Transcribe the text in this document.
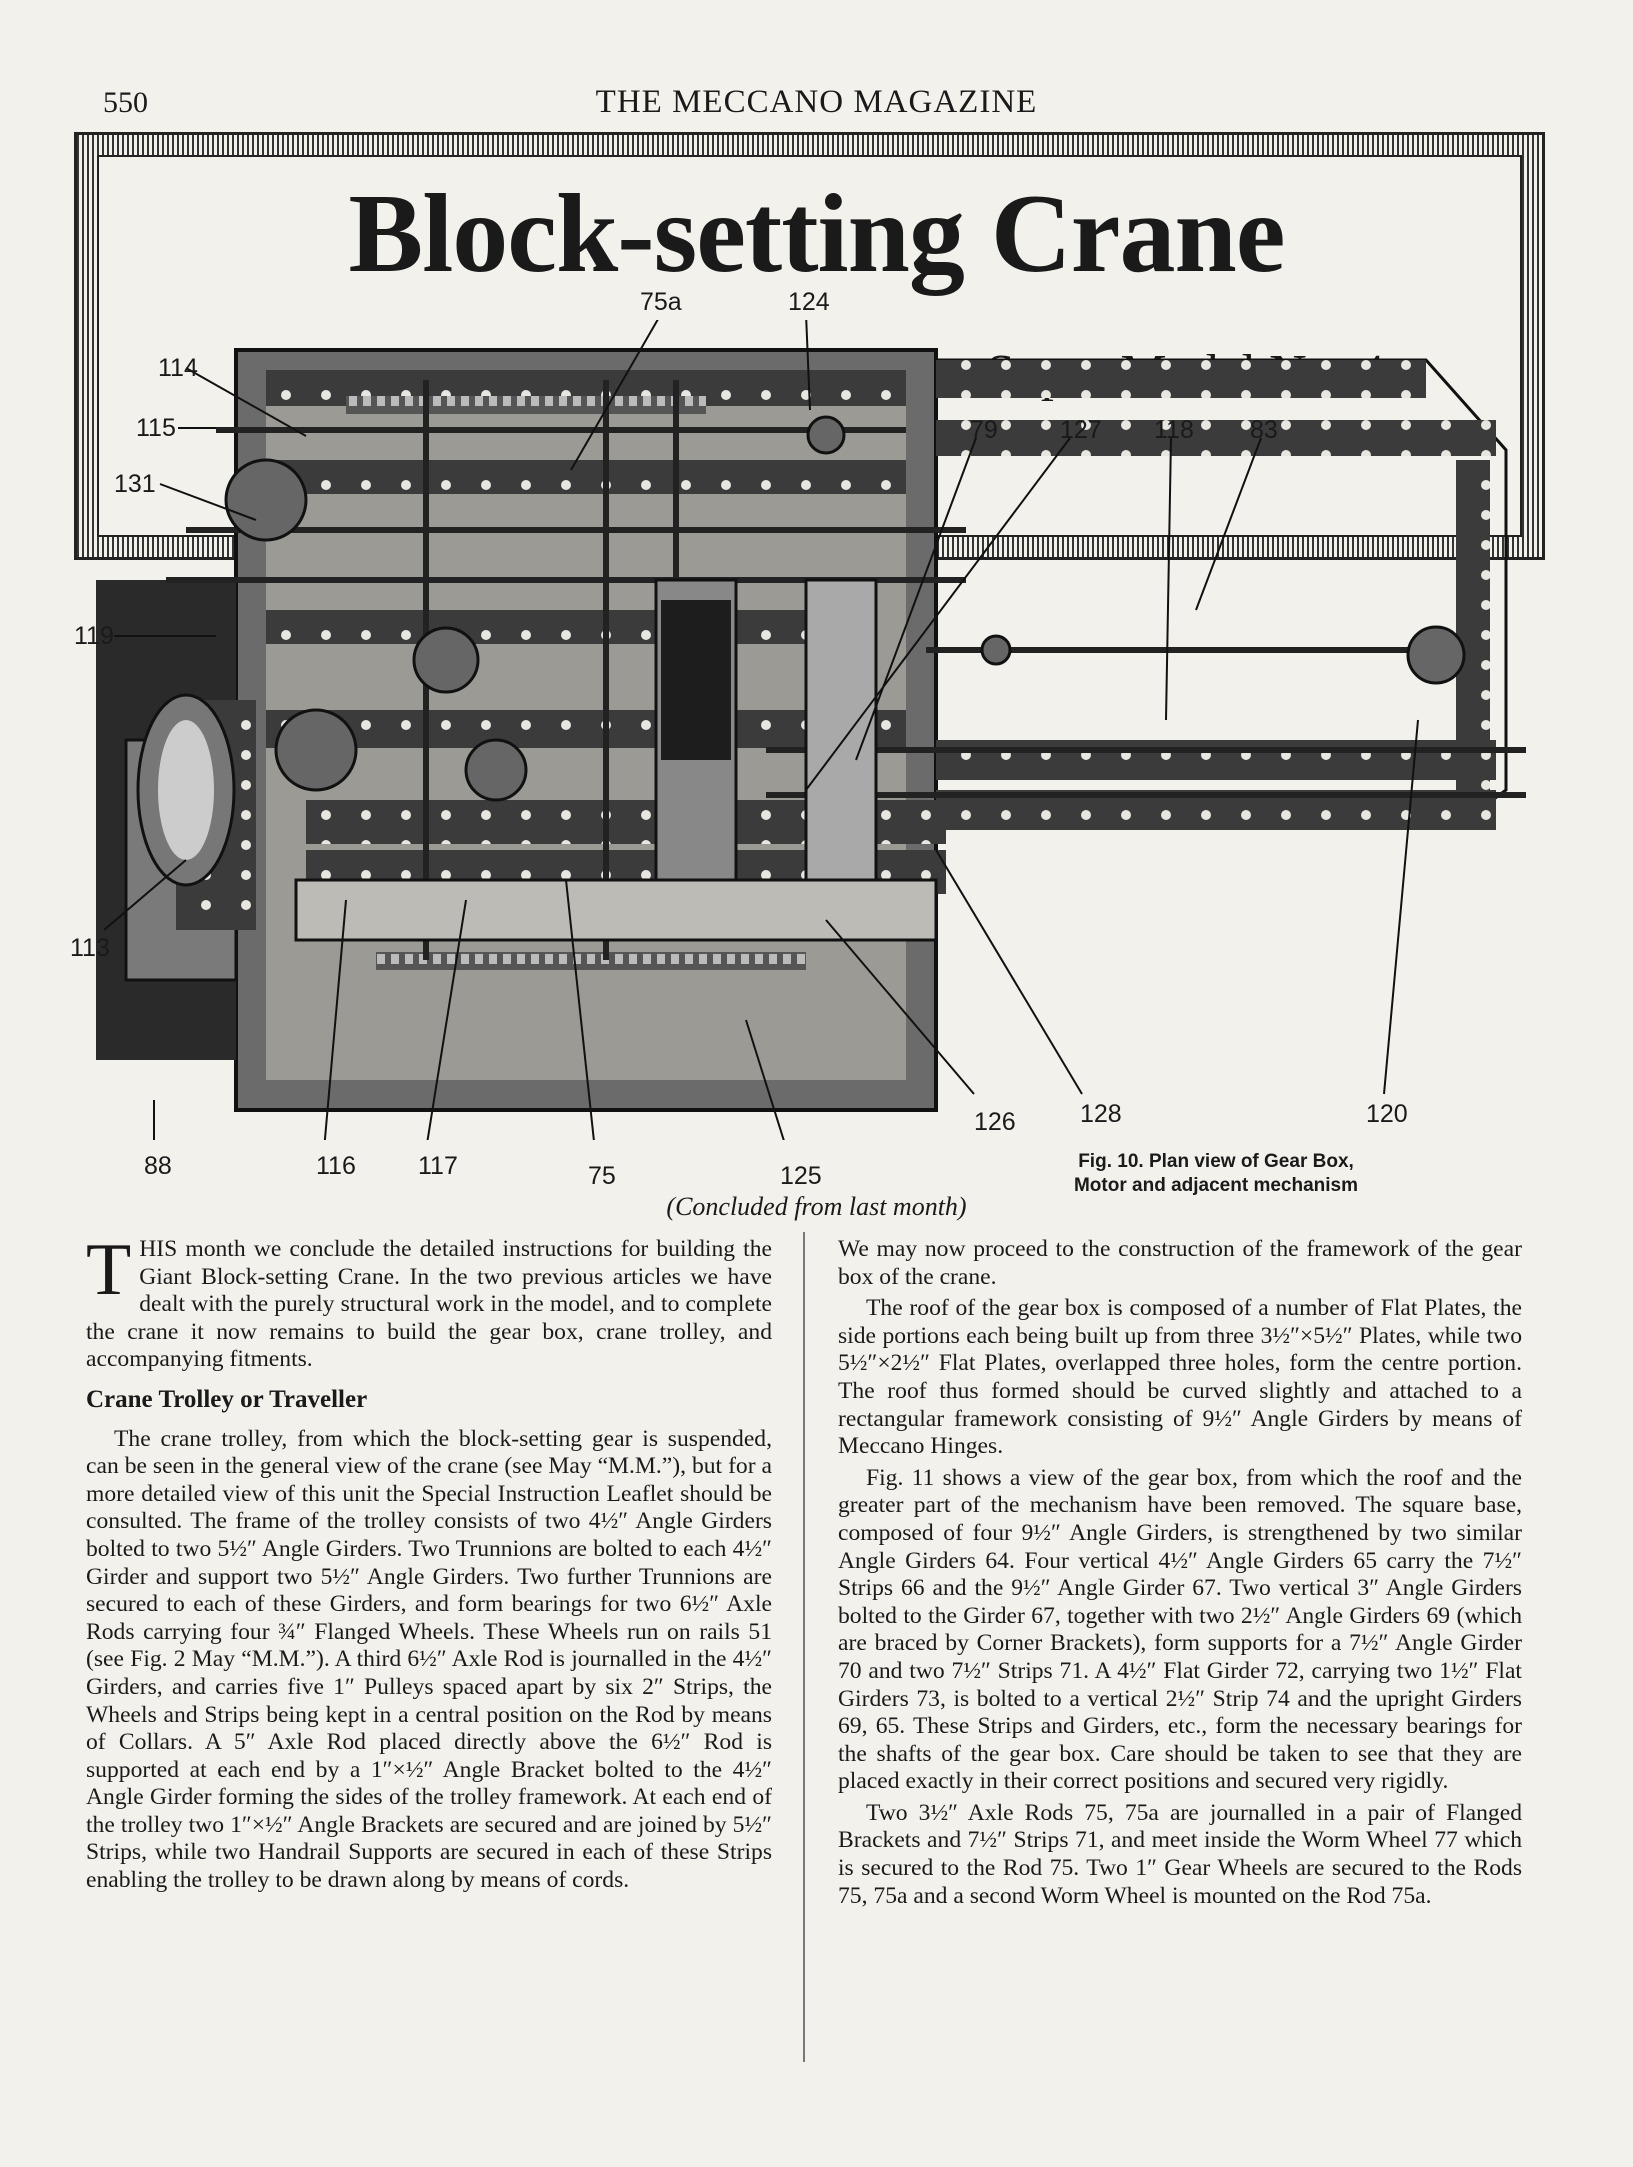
550	THE MECCANO MAGAZINE
Block-setting Crane
75a	124
114
115
131
79 127 118 83
119
113
126	128	120
88	116 117	75	125
Fig. 10. Plan view of Gear Box,
Motor and adjacent mechanism
(Concluded from last month)

THIS month we conclude the detailed instructions for building the Giant Block-setting Crane. In the two previous articles we have dealt with the purely structural work in the model, and to complete the crane it now remains to build the gear box, crane trolley, and accompanying fitments.

Crane Trolley or Traveller

The crane trolley, from which the block-setting gear is suspended, can be seen in the general view of the crane (see May “M.M.”), but for a more detailed view of this unit the Special Instruction Leaflet should be consulted. The frame of the trolley consists of two 4½″ Angle Girders bolted to two 5½″ Angle Girders. Two Trunnions are bolted to each 4½″ Girder and support two 5½″ Angle Girders. Two further Trunnions are secured to each of these Girders, and form bearings for two 6½″ Axle Rods carrying four ¾″ Flanged Wheels. These Wheels run on rails 51 (see Fig. 2 May “M.M.”). A third 6½″ Axle Rod is journalled in the 4½″ Girders, and carries five 1″ Pulleys spaced apart by six 2″ Strips, the Wheels and Strips being kept in a central position on the Rod by means of Collars. A 5″ Axle Rod placed directly above the 6½″ Rod is supported at each end by a 1″×½″ Angle Bracket bolted to the 4½″ Angle Girder forming the sides of the trolley framework. At each end of the trolley two 1″×½″ Angle Brackets are secured and are joined by 5½″ Strips, while two Handrail Supports are secured in each of these Strips enabling the trolley to be drawn along by means of cords.

We may now proceed to the construction of the framework of the gear box of the crane.

The roof of the gear box is composed of a number of Flat Plates, the side portions each being built up from three 3½″×5½″ Plates, while two 5½″×2½″ Flat Plates, overlapped three holes, form the centre portion. The roof thus formed should be curved slightly and attached to a rectangular framework consisting of 9½″ Angle Girders by means of Meccano Hinges.

Fig. 11 shows a view of the gear box, from which the roof and the greater part of the mechanism have been removed. The square base, composed of four 9½″ Angle Girders, is strengthened by two similar Angle Girders 64. Four vertical 4½″ Angle Girders 65 carry the 7½″ Strips 66 and the 9½″ Angle Girder 67. Two vertical 3″ Angle Girders bolted to the Girder 67, together with two 2½″ Angle Girders 69 (which are braced by Corner Brackets), form supports for a 7½″ Angle Girder 70 and two 7½″ Strips 71. A 4½″ Flat Girder 72, carrying two 1½″ Flat Girders 73, is bolted to a vertical 2½″ Strip 74 and the upright Girders 69, 65. These Strips and Girders, etc., form the necessary bearings for the shafts of the gear box. Care should be taken to see that they are placed exactly in their correct positions and secured very rigidly.

Two 3½″ Axle Rods 75, 75a are journalled in a pair of Flanged Brackets and 7½″ Strips 71, and meet inside the Worm Wheel 77 which is secured to the Rod 75. Two 1″ Gear Wheels are secured to the Rods 75, 75a and a second Worm Wheel is mounted on the Rod 75a.
